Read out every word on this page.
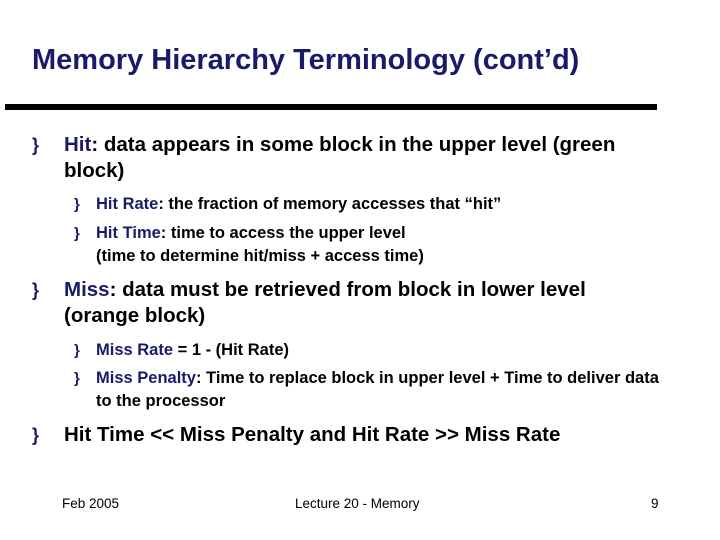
Memory Hierarchy Terminology (cont’d)
} Hit: data appears in some block in the upper level (green block)
} Hit Rate: the fraction of memory accesses that “hit”
} Hit Time: time to access the upper level
(time to determine hit/miss + access time)
} Miss: data must be retrieved from block in lower level (orange block)
} Miss Rate = 1 - (Hit Rate)
} Miss Penalty: Time to replace block in upper level + Time to deliver data to the processor
} Hit Time << Miss Penalty and Hit Rate >> Miss Rate
Feb 2005	Lecture 20 - Memory	9
